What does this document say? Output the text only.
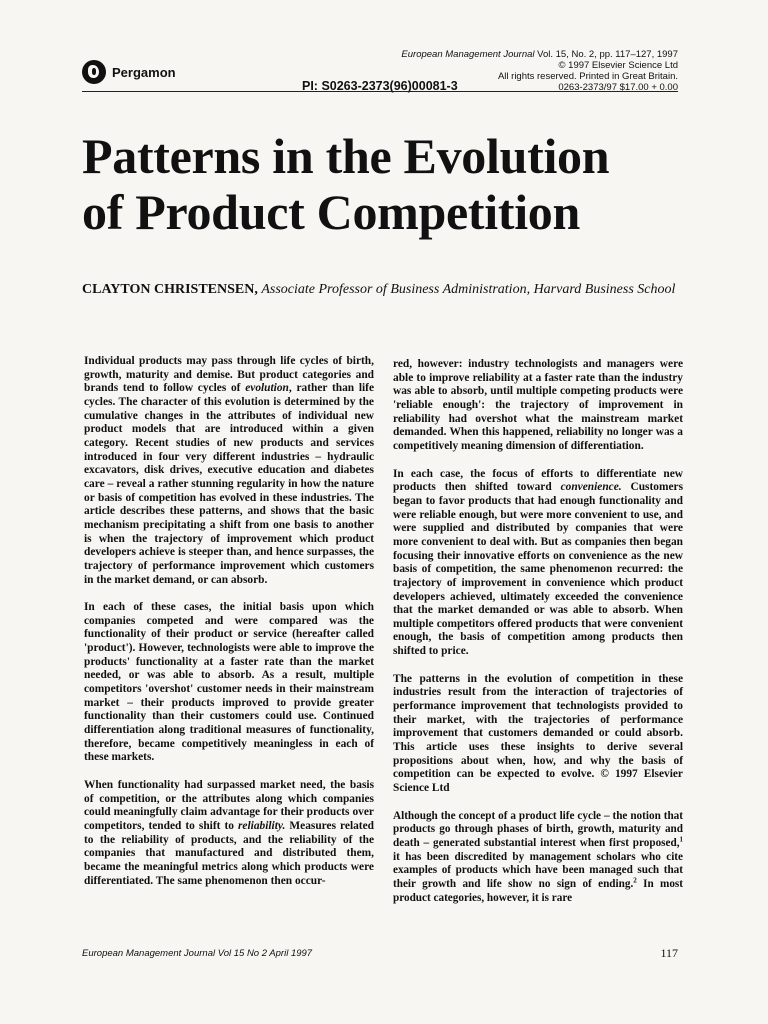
Pergamon
European Management Journal Vol. 15, No. 2, pp. 117–127, 1997
© 1997 Elsevier Science Ltd
All rights reserved. Printed in Great Britain.
0263-2373/97 $17.00 + 0.00
PI: S0263-2373(96)00081-3
Patterns in the Evolution
of Product Competition
CLAYTON CHRISTENSEN, Associate Professor of Business Administration, Harvard Business School

Individual products may pass through life cycles of birth, growth, maturity and demise. But product categories and brands tend to follow cycles of evolution, rather than life cycles. The character of this evolution is determined by the cumulative changes in the attributes of individual new product models that are introduced within a given category. Recent studies of new products and services introduced in four very different industries – hydraulic excavators, disk drives, executive education and diabetes care – reveal a rather stunning regularity in how the nature or basis of competition has evolved in these industries. The article describes these patterns, and shows that the basic mechanism precipitating a shift from one basis to another is when the trajectory of improvement which product developers achieve is steeper than, and hence surpasses, the trajectory of performance improvement which customers in the market demand, or can absorb.

In each of these cases, the initial basis upon which companies competed and were compared was the functionality of their product or service (hereafter called 'product'). However, technologists were able to improve the products' functionality at a faster rate than the market needed, or was able to absorb. As a result, multiple competitors 'overshot' customer needs in their mainstream market – their products improved to provide greater functionality than their customers could use. Continued differentiation along traditional measures of functionality, therefore, became competitively meaningless in each of these markets.

When functionality had surpassed market need, the basis of competition, or the attributes along which companies could meaningfully claim advantage for their products over competitors, tended to shift to reliability. Measures related to the reliability of products, and the reliability of the companies that manufactured and distributed them, became the meaningful metrics along which products were differentiated. The same phenomenon then occur-

red, however: industry technologists and managers were able to improve reliability at a faster rate than the industry was able to absorb, until multiple competing products were 'reliable enough': the trajectory of improvement in reliability had overshot what the mainstream market demanded. When this happened, reliability no longer was a competitively meaning dimension of differentiation.

In each case, the focus of efforts to differentiate new products then shifted toward convenience. Customers began to favor products that had enough functionality and were reliable enough, but were more convenient to use, and were supplied and distributed by companies that were more convenient to deal with. But as companies then began focusing their innovative efforts on convenience as the new basis of competition, the same phenomenon recurred: the trajectory of improvement in convenience which product developers achieved, ultimately exceeded the convenience that the market demanded or was able to absorb. When multiple competitors offered products that were convenient enough, the basis of competition among products then shifted to price.

The patterns in the evolution of competition in these industries result from the interaction of trajectories of performance improvement that technologists provided to their market, with the trajectories of performance improvement that customers demanded or could absorb. This article uses these insights to derive several propositions about when, how, and why the basis of competition can be expected to evolve. © 1997 Elsevier Science Ltd

Although the concept of a product life cycle – the notion that products go through phases of birth, growth, maturity and death – generated substantial interest when first proposed,$^1$ it has been discredited by management scholars who cite examples of products which have been managed such that their growth and life show no sign of ending.$^2$ In most product categories, however, it is rare

European Management Journal Vol 15 No 2 April 1997	117
